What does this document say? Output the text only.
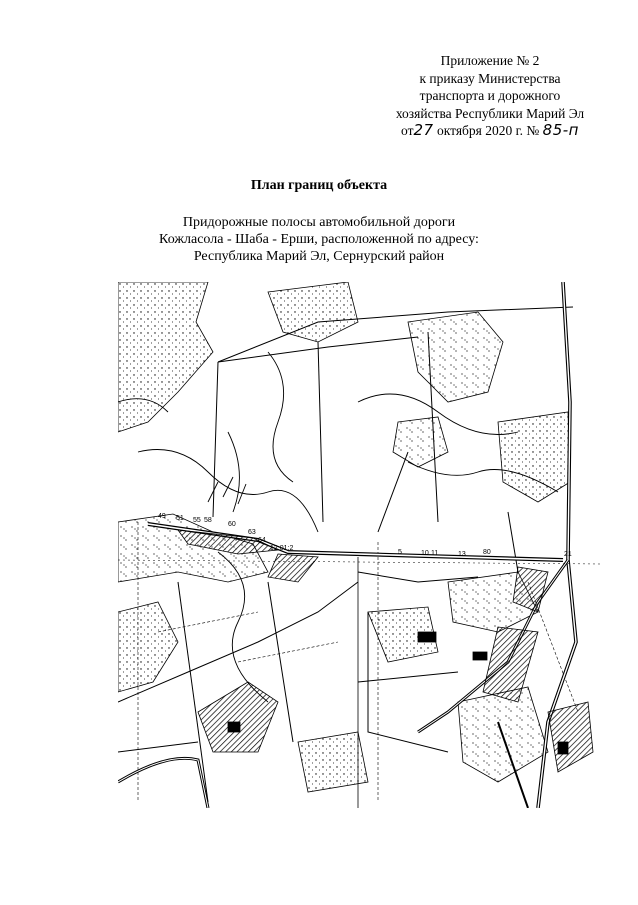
Приложение № 2
к приказу Министерства
транспорта и дорожного
хозяйства Республики Марий Эл
от27 октября 2020 г. № 85-п
План границ объекта
Придорожные полосы автомобильной дороги
Кожласола - Шаба - Ерши, расположенной по адресу:
Республика Марий Эл, Сернурский район
49 51 55 58
60
63
64
12:01:2
5	10 11	13 80	21
